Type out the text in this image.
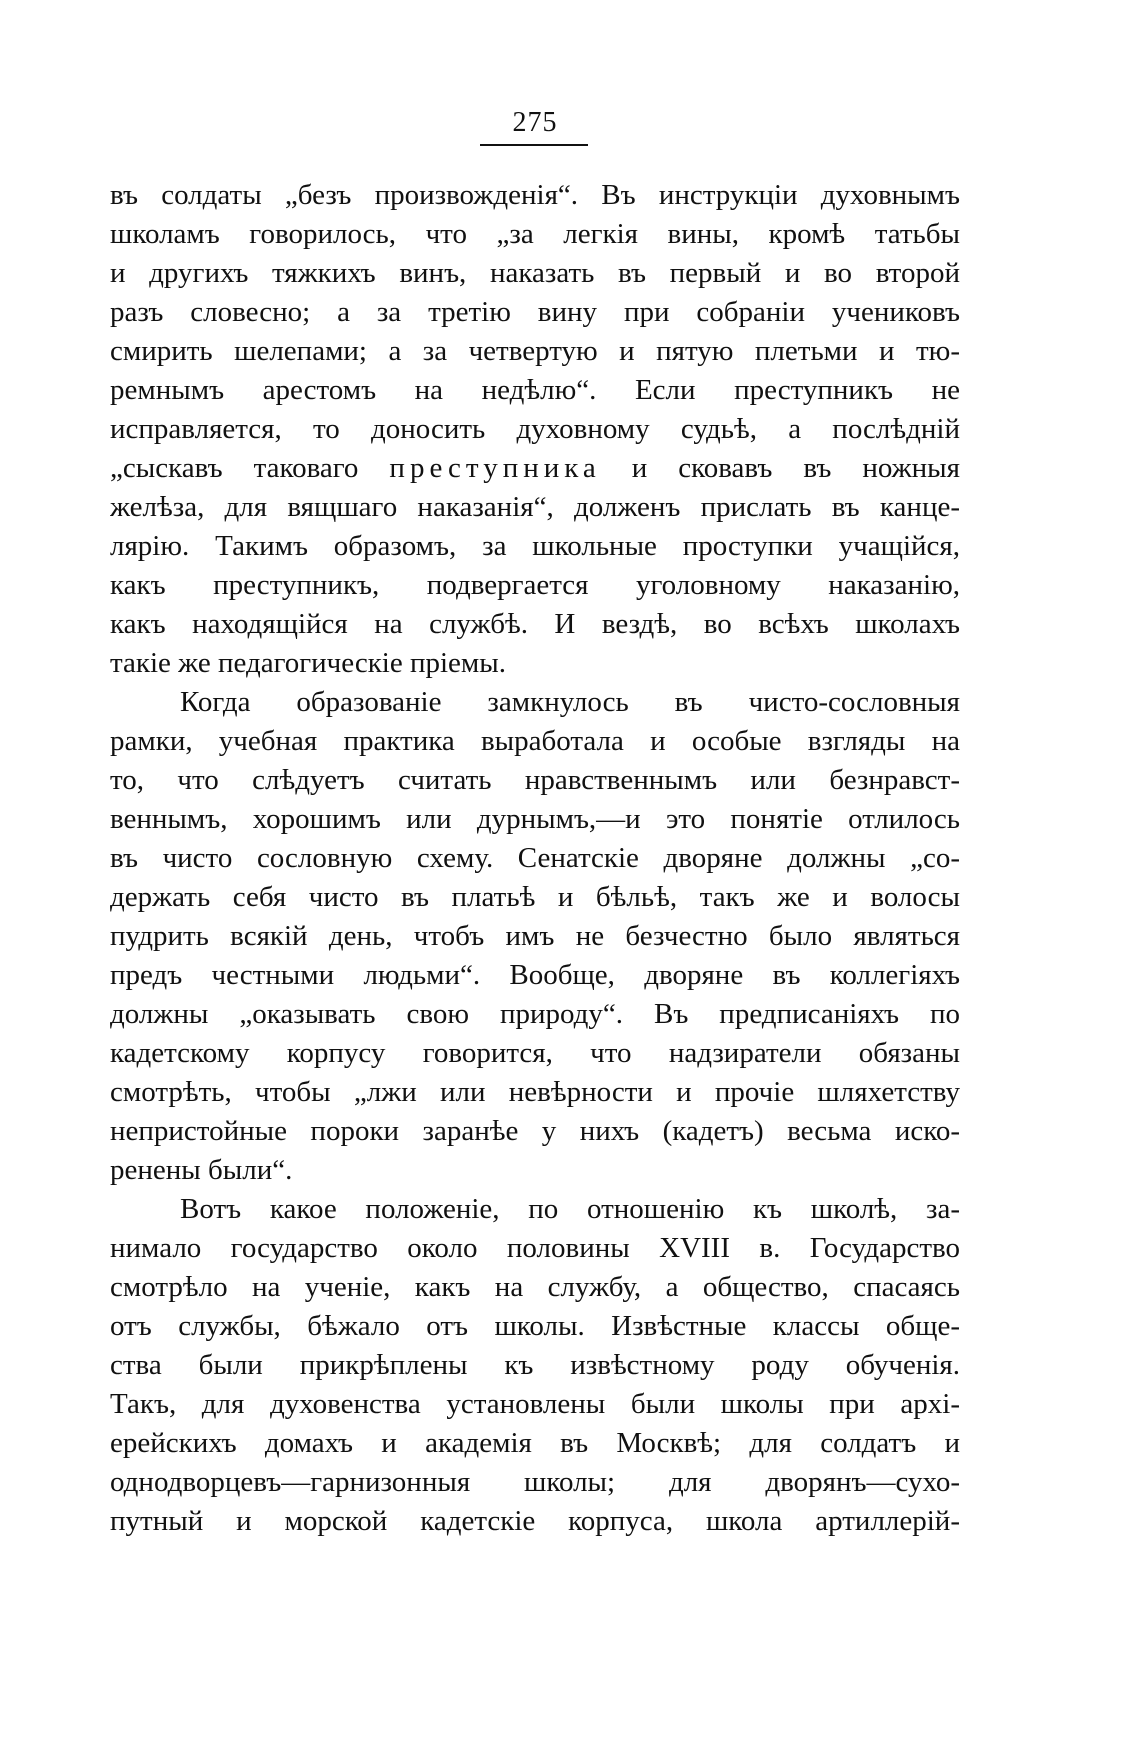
275
въ солдаты „безъ произвожденія“. Въ инструкціи духовнымъ
школамъ говорилось, что „за легкія вины, кромѣ татьбы
и другихъ тяжкихъ винъ, наказать въ первый и во второй
разъ словесно; а за третію вину при собраніи учениковъ
смирить шелепами; а за четвертую и пятую плетьми и тю-
ремнымъ арестомъ на недѣлю“. Если преступникъ не
исправляется, то доносить духовному судьѣ, а послѣдній
„сыскавъ таковаго преступника и сковавъ въ ножныя
желѣза, для вящшаго наказанія“, долженъ прислать въ канце-
лярію. Такимъ образомъ, за школьные проступки учащійся,
какъ преступникъ, подвергается уголовному наказанію,
какъ находящійся на службѣ. И вездѣ, во всѣхъ школахъ
такіе же педагогическіе пріемы.
Когда образованіе замкнулось въ чисто-сословныя
рамки, учебная практика выработала и особые взгляды на
то, что слѣдуетъ считать нравственнымъ или безнравст-
веннымъ, хорошимъ или дурнымъ,—и это понятіе отлилось
въ чисто сословную схему. Сенатскіе дворяне должны „со-
держать себя чисто въ платьѣ и бѣльѣ, такъ же и волосы
пудрить всякій день, чтобъ имъ не безчестно было являться
предъ честными людьми“. Вообще, дворяне въ коллегіяхъ
должны „оказывать свою природу“. Въ предписаніяхъ по
кадетскому корпусу говорится, что надзиратели обязаны
смотрѣть, чтобы „лжи или невѣрности и прочіе шляхетству
непристойные пороки заранѣе у нихъ (кадетъ) весьма иско-
ренены были“.
Вотъ какое положеніе, по отношенію къ школѣ, за-
нимало государство около половины XVIII в. Государство
смотрѣло на ученіе, какъ на службу, а общество, спасаясь
отъ службы, бѣжало отъ школы. Извѣстные классы обще-
ства были прикрѣплены къ извѣстному роду обученія.
Такъ, для духовенства установлены были школы при архі-
ерейскихъ домахъ и академія въ Москвѣ; для солдатъ и
однодворцевъ—гарнизонныя школы; для дворянъ—сухо-
путный и морской кадетскіе корпуса, школа артиллерій-
